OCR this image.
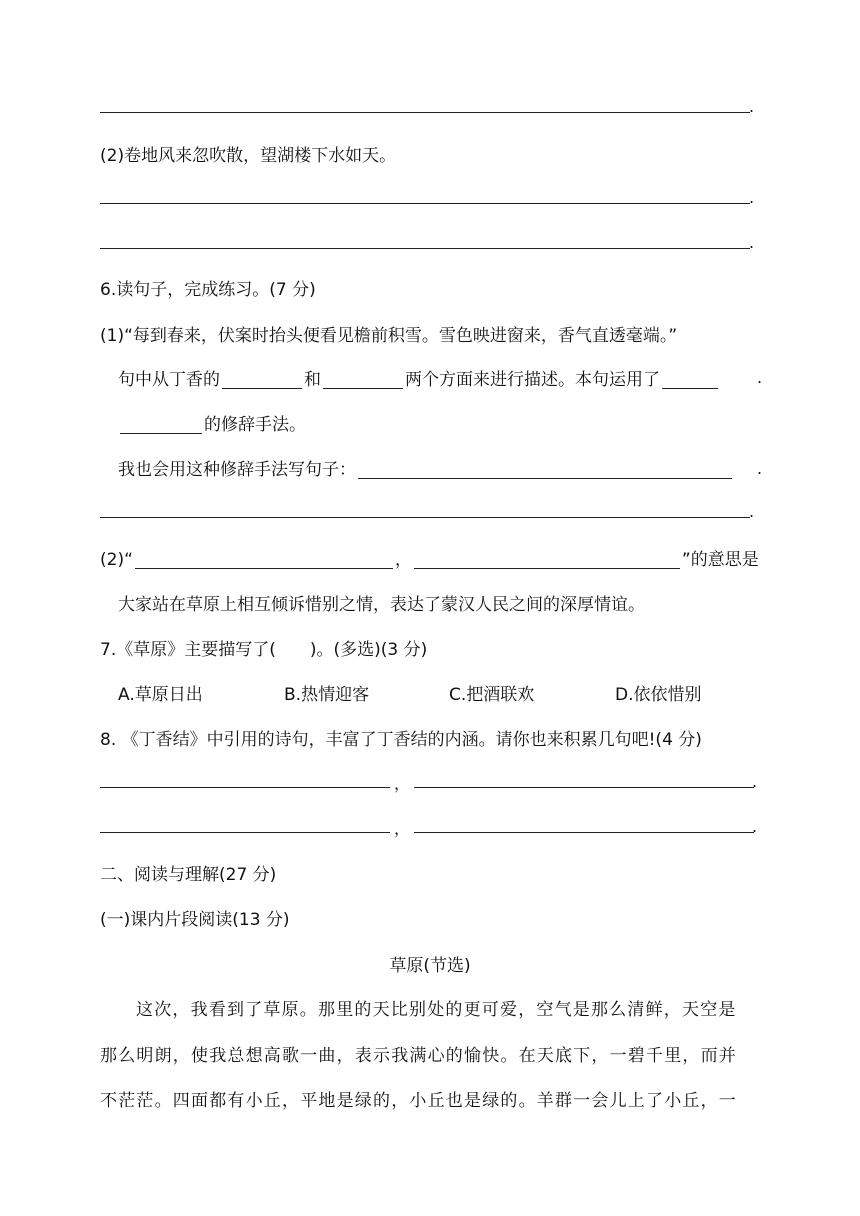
.
(2)卷地风来忽吹散，望湖楼下水如天。
.
.
6.读句子，完成练习。(7 分)
(1)“每到春来，伏案时抬头便看见檐前积雪。雪色映进窗来，香气直透毫端。”
句中从丁香的	和	两个方面来进行描述。本句运用了	.
的修辞手法。
我也会用这种修辞手法写句子：	.
.
(2)“	，	”的意思是
大家站在草原上相互倾诉惜别之情，表达了蒙汉人民之间的深厚情谊。
7.《草原》主要描写了(　　)。(多选)(3 分)
A.草原日出	B.热情迎客	C.把酒联欢	D.依依惜别
8. 《丁香结》中引用的诗句，丰富了丁香结的内涵。请你也来积累几句吧!(4 分)
，	.
，	.
二、阅读与理解(27 分)
(一)课内片段阅读(13 分)
草原(节选)
这次，我看到了草原。那里的天比别处的更可爱，空气是那么清鲜，天空是
那么明朗，使我总想高歌一曲，表示我满心的愉快。在天底下，一碧千里，而并
不茫茫。四面都有小丘，平地是绿的，小丘也是绿的。羊群一会儿上了小丘，一
